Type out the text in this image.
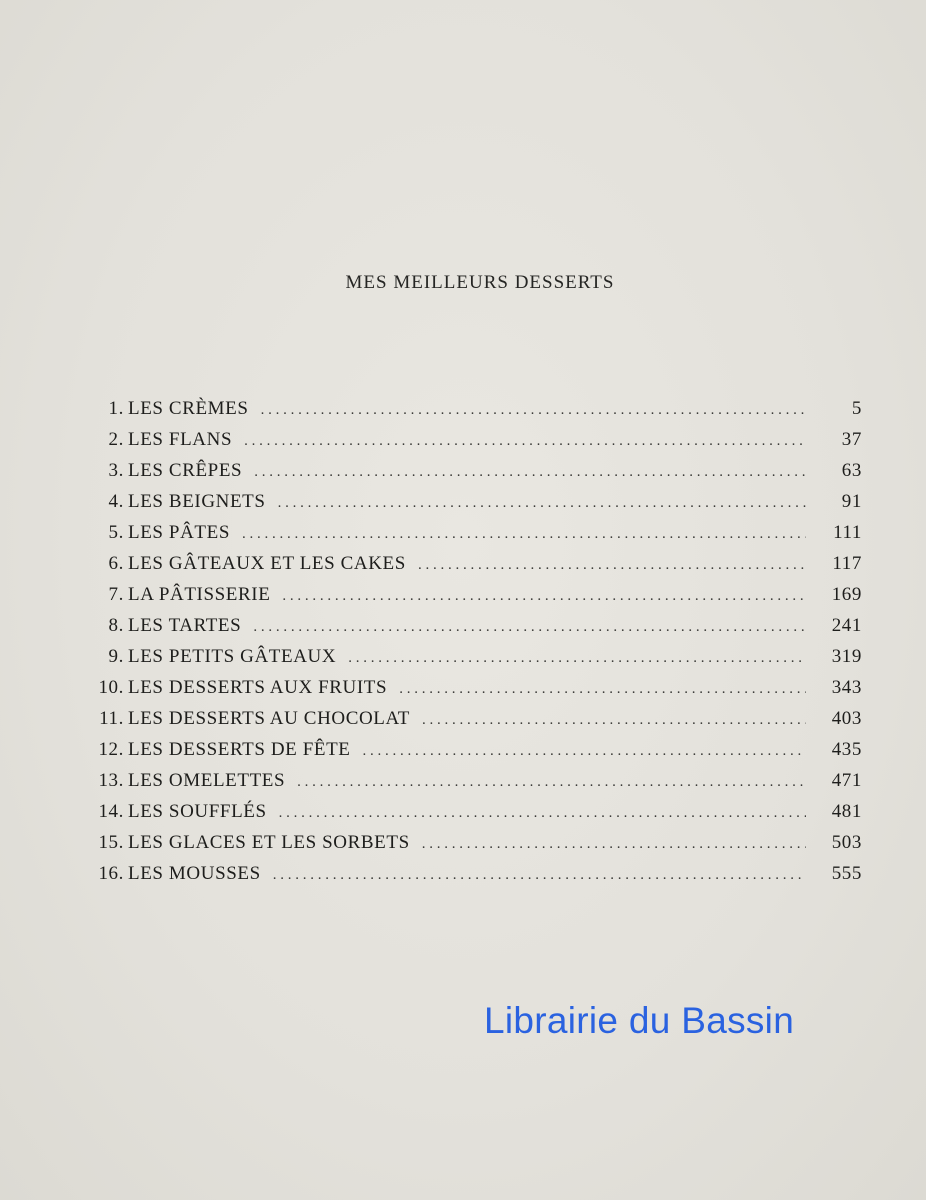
MES MEILLEURS DESSERTS
1. LES CRÈMES . . .	5
2. LES FLANS . . .	37
3. LES CRÊPES . . .	63
4. LES BEIGNETS . . .	91
5. LES PÂTES . . .	111
6. LES GÂTEAUX ET LES CAKES . . .	117
7. LA PÂTISSERIE . . .	169
8. LES TARTES . . .	241
9. LES PETITS GÂTEAUX . . .	319
10. LES DESSERTS AUX FRUITS . . .	343
11. LES DESSERTS AU CHOCOLAT . . .	403
12. LES DESSERTS DE FÊTE . . .	435
13. LES OMELETTES . . .	471
14. LES SOUFFLÉS . . .	481
15. LES GLACES ET LES SORBETS . . .	503
16. LES MOUSSES . . .	555
Librairie du Bassin
